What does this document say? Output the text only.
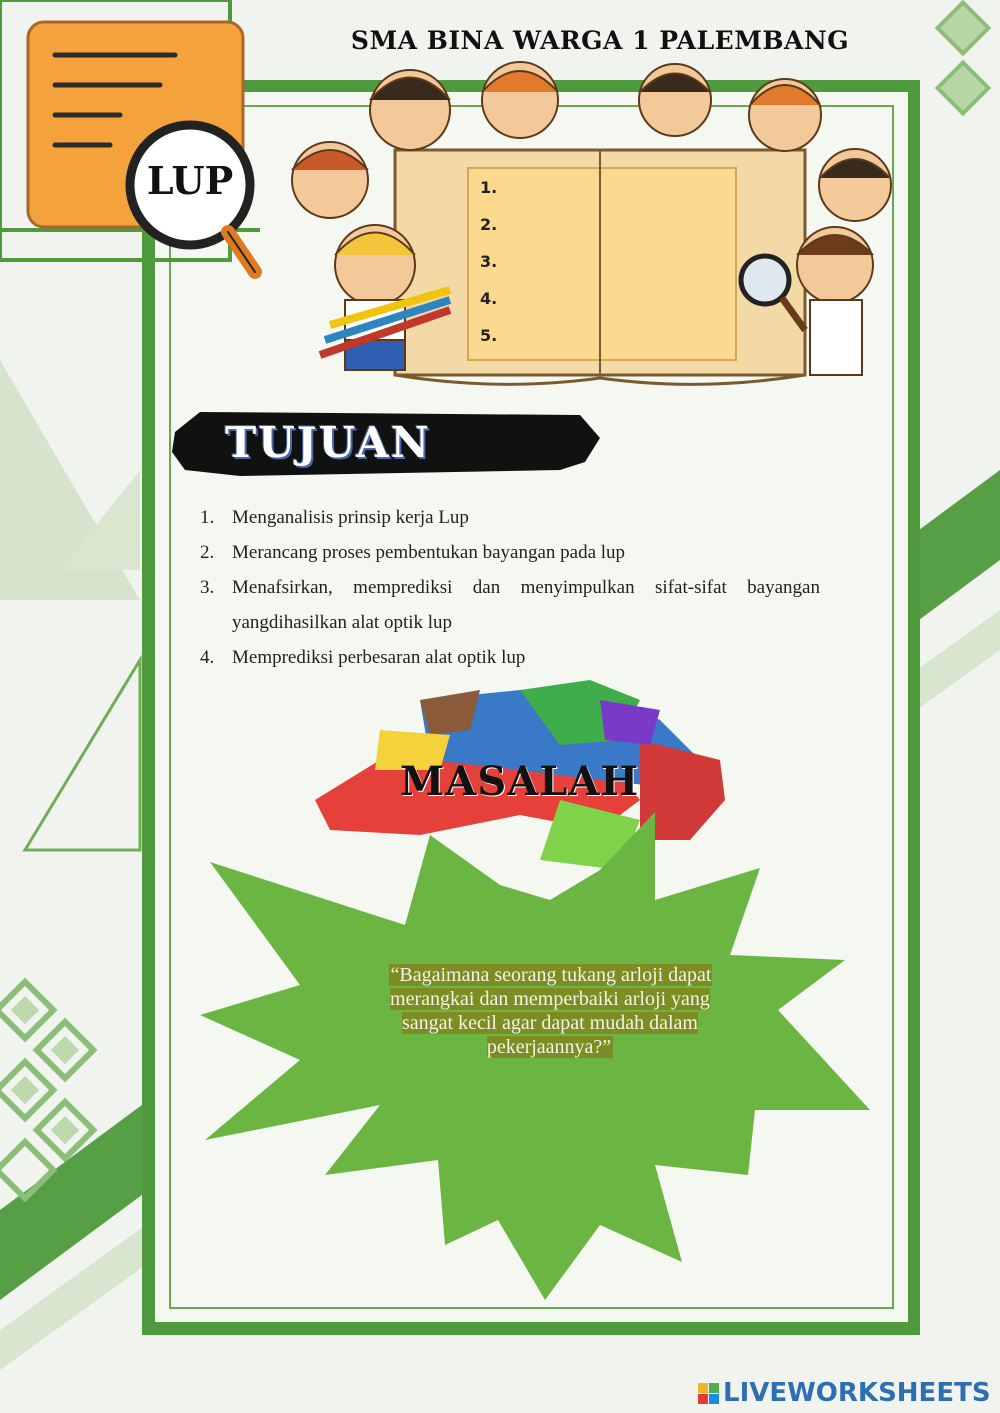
SMA BINA WARGA 1 PALEMBANG
LUP	1.
2.
3.
4.
5.
TUJUAN
1. Menganalisis prinsip kerja Lup
2. Merancang proses pembentukan bayangan pada lup
3. Menafsirkan, memprediksi dan menyimpulkan sifat-sifat bayangan yangdihasilkan alat optik lup
4. Memprediksi perbesaran alat optik lup
MASALAH
“Bagaimana seorang tukang arloji dapat merangkai dan memperbaiki arloji yang sangat kecil agar dapat mudah dalam pekerjaannya?”
LIVEWORKSHEETS
